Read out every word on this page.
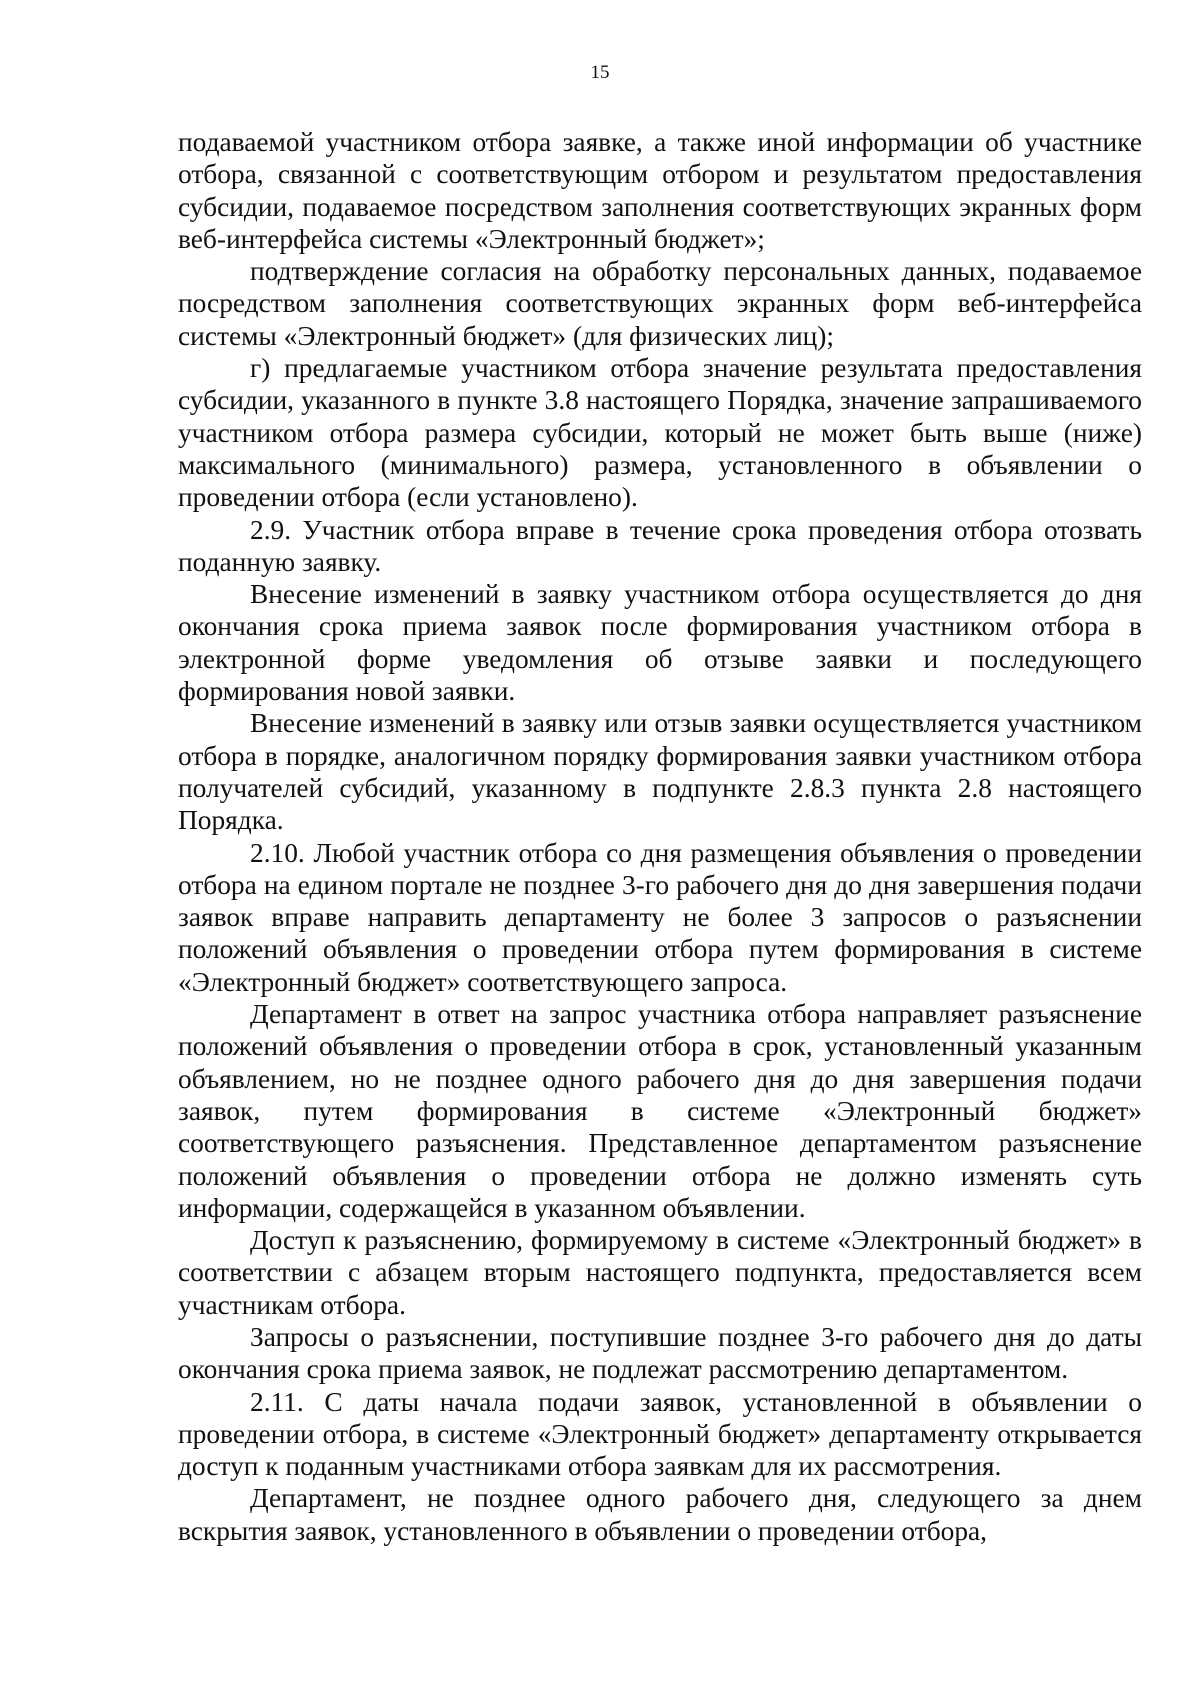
15

подаваемой участником отбора заявке, а также иной информации об участнике отбора, связанной с соответствующим отбором и результатом предоставления субсидии, подаваемое посредством заполнения соответствующих экранных форм веб-интерфейса системы «Электронный бюджет»;

подтверждение согласия на обработку персональных данных, подаваемое посредством заполнения соответствующих экранных форм веб-интерфейса системы «Электронный бюджет» (для физических лиц);

г) предлагаемые участником отбора значение результата предоставления субсидии, указанного в пункте 3.8 настоящего Порядка, значение запрашиваемого участником отбора размера субсидии, который не может быть выше (ниже) максимального (минимального) размера, установленного в объявлении о проведении отбора (если установлено).

2.9. Участник отбора вправе в течение срока проведения отбора отозвать поданную заявку.

Внесение изменений в заявку участником отбора осуществляется до дня окончания срока приема заявок после формирования участником отбора в электронной форме уведомления об отзыве заявки и последующего формирования новой заявки.

Внесение изменений в заявку или отзыв заявки осуществляется участником отбора в порядке, аналогичном порядку формирования заявки участником отбора получателей субсидий, указанному в подпункте 2.8.3 пункта 2.8 настоящего Порядка.

2.10. Любой участник отбора со дня размещения объявления о проведении отбора на едином портале не позднее 3-го рабочего дня до дня завершения подачи заявок вправе направить департаменту не более 3 запросов о разъяснении положений объявления о проведении отбора путем формирования в системе «Электронный бюджет» соответствующего запроса.

Департамент в ответ на запрос участника отбора направляет разъяснение положений объявления о проведении отбора в срок, установленный указанным объявлением, но не позднее одного рабочего дня до дня завершения подачи заявок, путем формирования в системе «Электронный бюджет» соответствующего разъяснения. Представленное департаментом разъяснение положений объявления о проведении отбора не должно изменять суть информации, содержащейся в указанном объявлении.

Доступ к разъяснению, формируемому в системе «Электронный бюджет» в соответствии с абзацем вторым настоящего подпункта, предоставляется всем участникам отбора.

Запросы о разъяснении, поступившие позднее 3-го рабочего дня до даты окончания срока приема заявок, не подлежат рассмотрению департаментом.

2.11. С даты начала подачи заявок, установленной в объявлении о проведении отбора, в системе «Электронный бюджет» департаменту открывается доступ к поданным участниками отбора заявкам для их рассмотрения.

Департамент, не позднее одного рабочего дня, следующего за днем вскрытия заявок, установленного в объявлении о проведении отбора,
